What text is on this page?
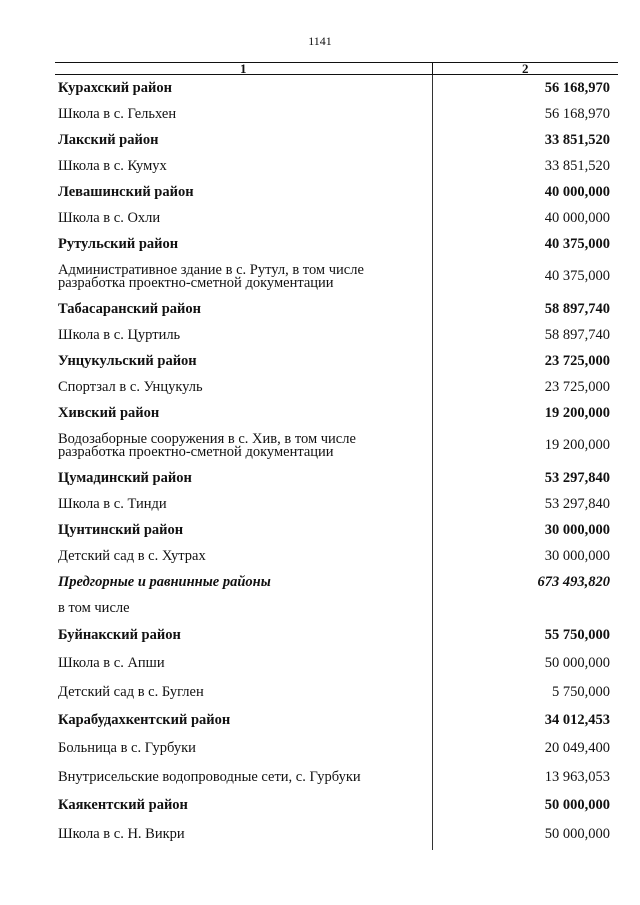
1141
1	2
Курахский район	56 168,970
Школа в с. Гельхен	56 168,970
Лакский район	33 851,520
Школа в с. Кумух	33 851,520
Левашинский район	40 000,000
Школа в с. Охли	40 000,000
Рутульский район	40 375,000
Административное здание в с. Рутул, в том числе разработка проектно-сметной документации	40 375,000
Табасаранский район	58 897,740
Школа в с. Цуртиль	58 897,740
Унцукульский район	23 725,000
Спортзал в с. Унцукуль	23 725,000
Хивский район	19 200,000
Водозаборные сооружения в с. Хив, в том числе разработка проектно-сметной документации	19 200,000
Цумадинский район	53 297,840
Школа в с. Тинди	53 297,840
Цунтинский район	30 000,000
Детский сад в с. Хутрах	30 000,000
Предгорные и равнинные районы	673 493,820
в том числе	
Буйнакский район	55 750,000
Школа в с. Апши	50 000,000
Детский сад в с. Буглен	5 750,000
Карабудахкентский район	34 012,453
Больница в с. Гурбуки	20 049,400
Внутрисельские водопроводные сети, с. Гурбуки	13 963,053
Каякентский район	50 000,000
Школа в с. Н. Викри	50 000,000
